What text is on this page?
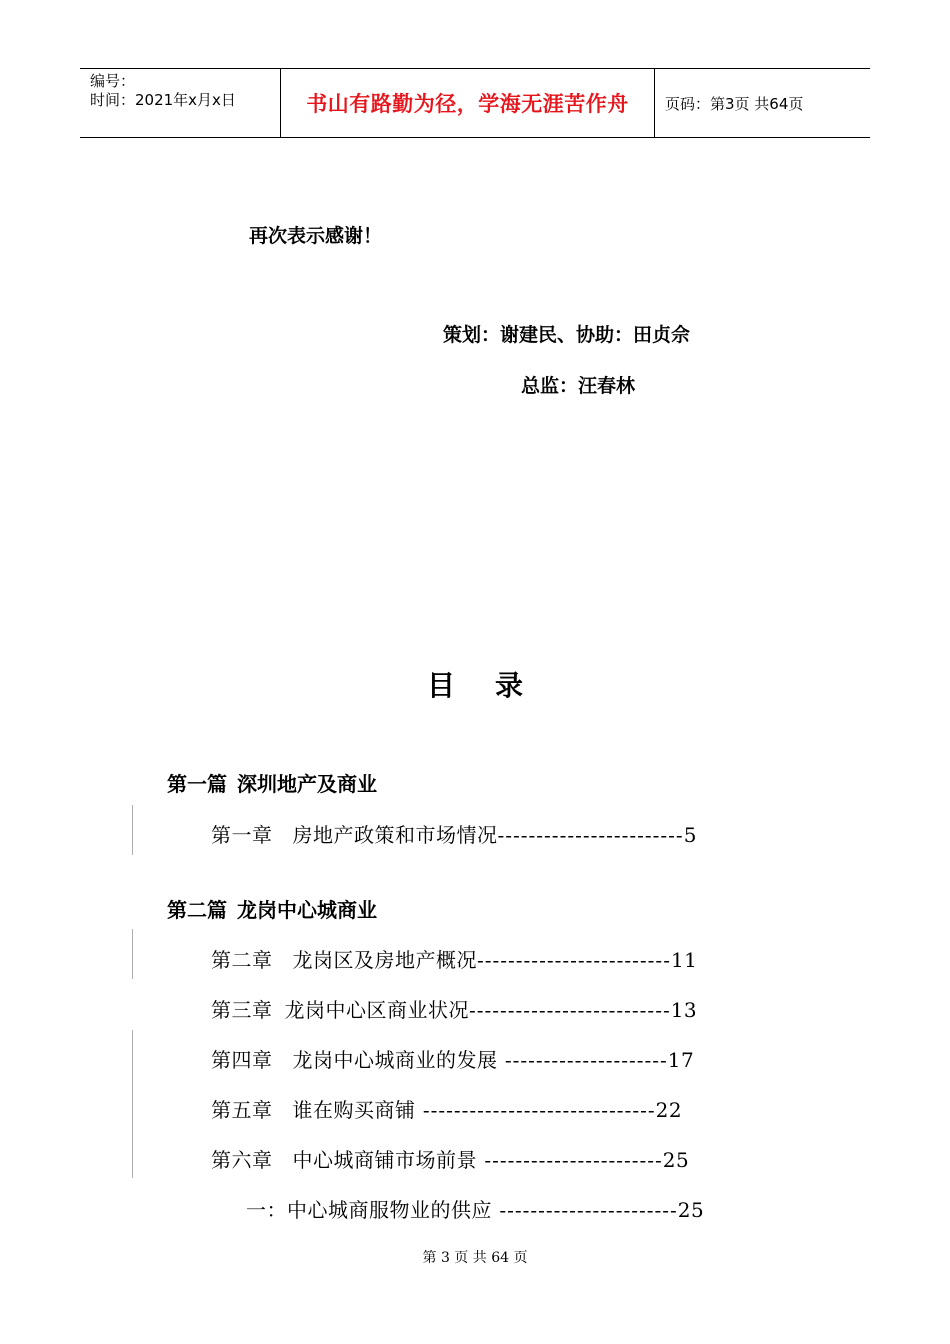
编号：
时间：2021年x月x日	书山有路勤为径，学海无涯苦作舟	页码：第3页 共64页
再次表示感谢！
策划：谢建民、协助：田贞佘
总监：汪春林
目 录
第一篇 深圳地产及商业
第二篇 龙岗中心城商业
第一章 房地产政策和市场情况------------------------5
第二章 龙岗区及房地产概况-------------------------11
第三章 龙岗中心区商业状况--------------------------13
第四章 龙岗中心城商业的发展 ---------------------17
第五章 谁在购买商铺 ------------------------------22
第六章 中心城商铺市场前景 -----------------------25
一：中心城商服物业的供应 -----------------------25
第 3 页 共 64 页
